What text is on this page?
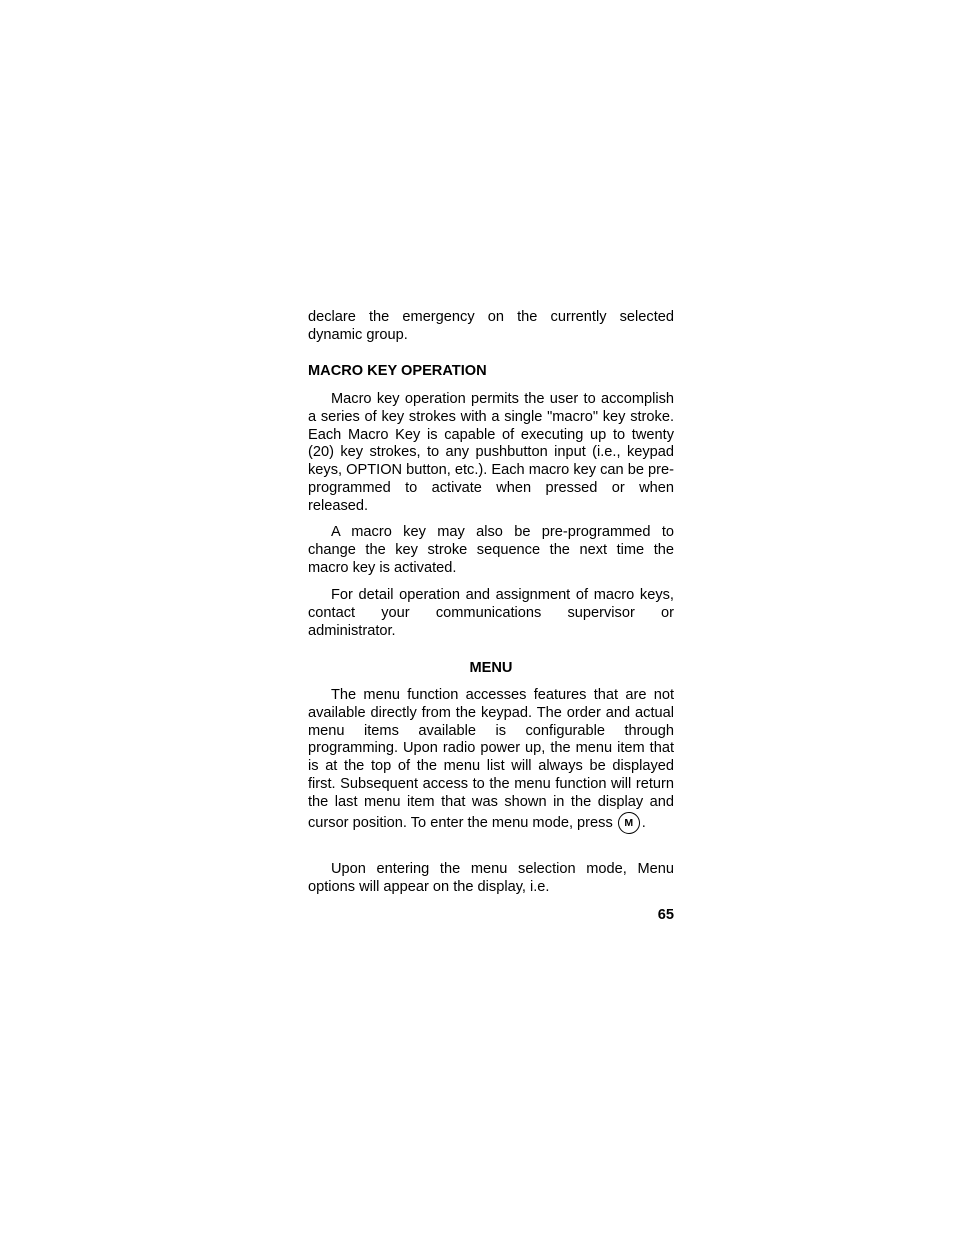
declare the emergency on the currently selected dynamic group.

MACRO KEY OPERATION

Macro key operation permits the user to accomplish a series of key strokes with a single "macro" key stroke. Each Macro Key is capable of executing up to twenty (20) key strokes, to any pushbutton input (i.e., keypad keys, OPTION button, etc.). Each macro key can be pre-programmed to activate when pressed or when released.

A macro key may also be pre-programmed to change the key stroke sequence the next time the macro key is activated.

For detail operation and assignment of macro keys, contact your communications supervisor or administrator.

MENU

The menu function accesses features that are not available directly from the keypad. The order and actual menu items available is configurable through programming. Upon radio power up, the menu item that is at the top of the menu list will always be displayed first. Subsequent access to the menu function will return the last menu item that was shown in the display and cursor position. To enter the menu mode, press M .

Upon entering the menu selection mode, Menu options will appear on the display, i.e.

65
